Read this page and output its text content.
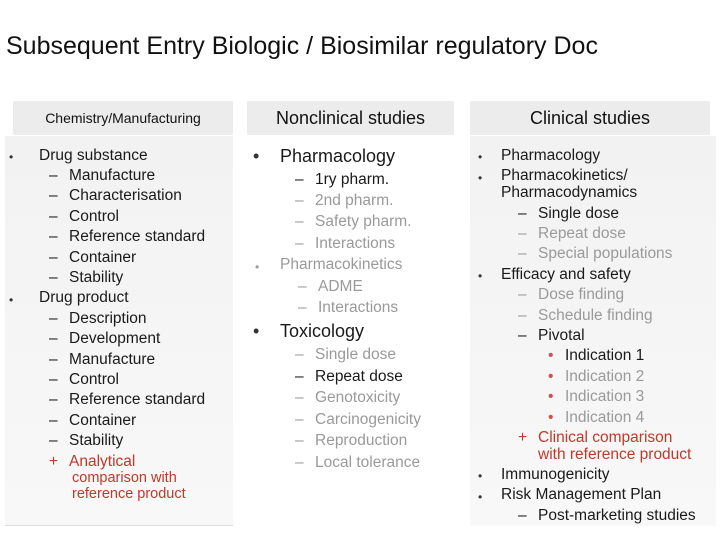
Subsequent Entry Biologic / Biosimilar regulatory Doc
Chemistry/Manufacturing	Nonclinical studies	Clinical studies
• Drug substance
– Manufacture
– Characterisation
– Control
– Reference standard
– Container
– Stability
• Drug product
– Description
– Development
– Manufacture
– Control
– Reference standard
– Container
– Stability
+ Analytical
comparison with
reference product
• Pharmacology
– 1ry pharm.
– 2nd pharm.
– Safety pharm.
– Interactions
• Pharmacokinetics
– ADME
– Interactions
• Toxicology
– Single dose
– Repeat dose
– Genotoxicity
– Carcinogenicity
– Reproduction
– Local tolerance
• Pharmacology
• Pharmacokinetics/
Pharmacodynamics
– Single dose
– Repeat dose
– Special populations
• Efficacy and safety
– Dose finding
– Schedule finding
– Pivotal
• Indication 1
• Indication 2
• Indication 3
• Indication 4
+ Clinical comparison
with reference product
• Immunogenicity
• Risk Management Plan
– Post-marketing studies
